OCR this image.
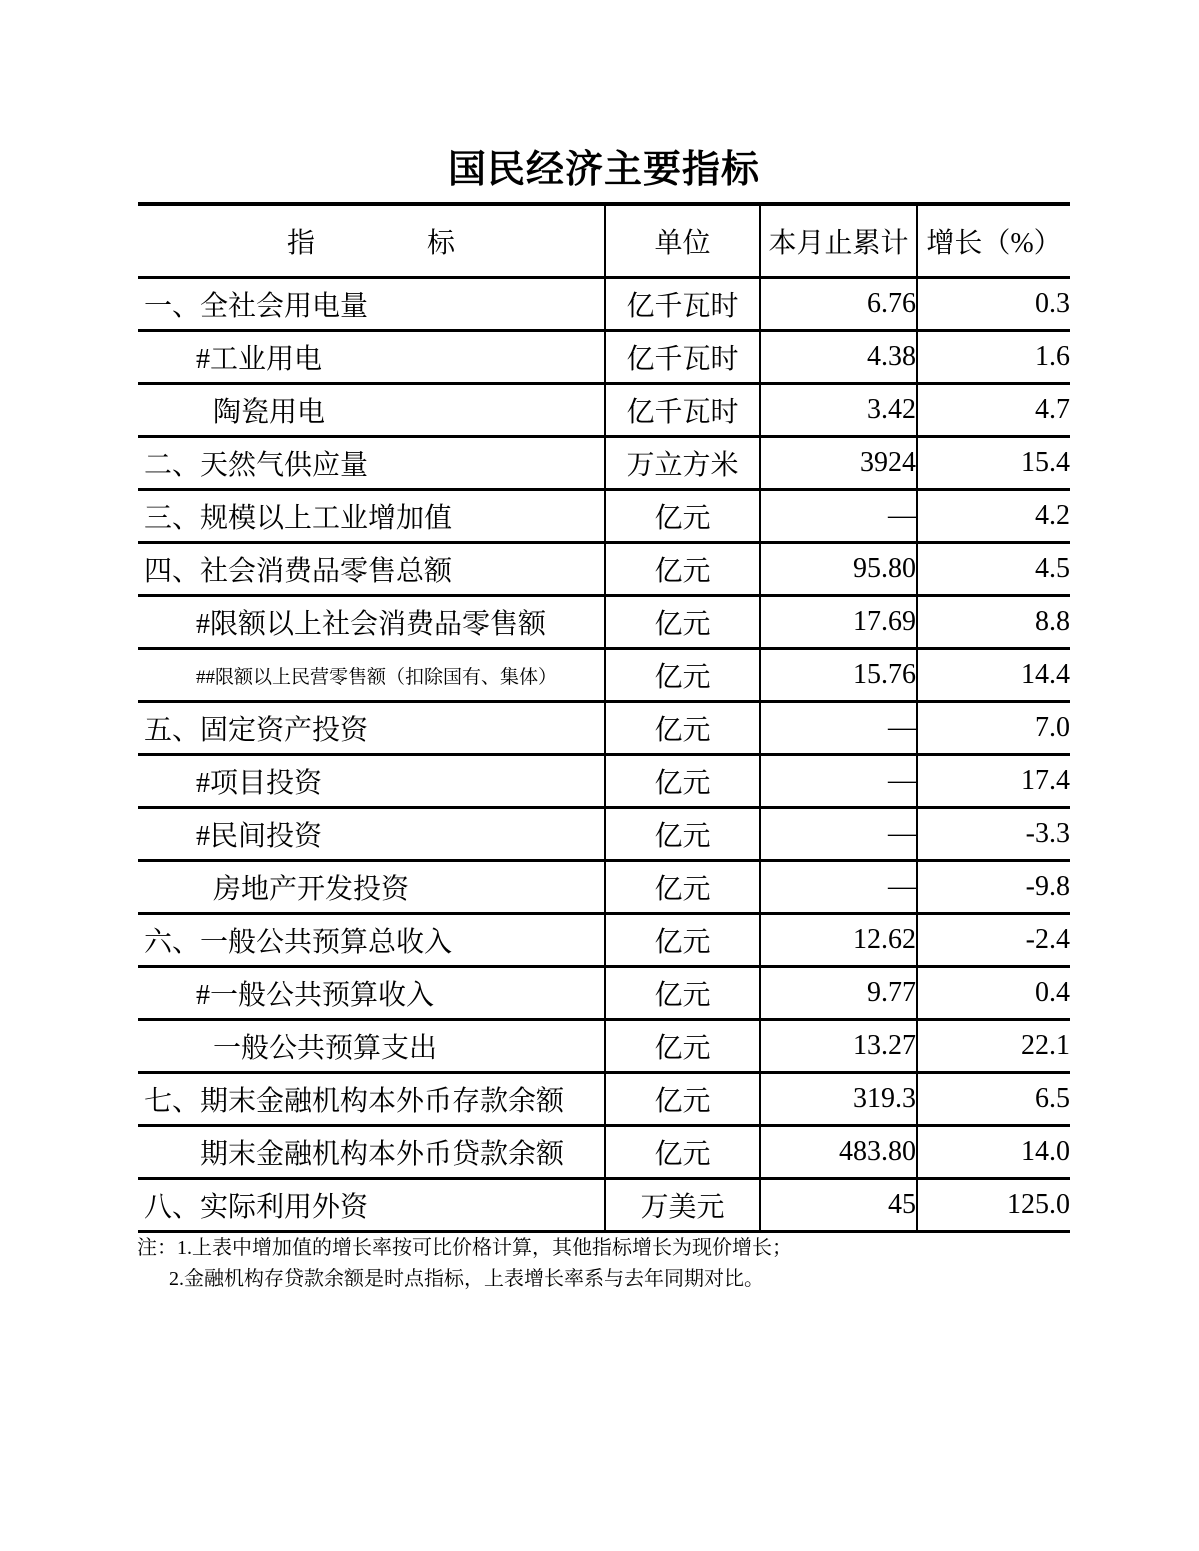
国民经济主要指标
指　　　　标	单位	本月止累计	增长（%）
一、全社会用电量	亿千瓦时	6.76	0.3
#工业用电	亿千瓦时	4.38	1.6
陶瓷用电	亿千瓦时	3.42	4.7
二、天然气供应量	万立方米	3924	15.4
三、规模以上工业增加值	亿元	—	4.2
四、社会消费品零售总额	亿元	95.80	4.5
#限额以上社会消费品零售额	亿元	17.69	8.8
##限额以上民营零售额（扣除国有、集体）	亿元	15.76	14.4
五、固定资产投资	亿元	—	7.0
#项目投资	亿元	—	17.4
#民间投资	亿元	—	-3.3
房地产开发投资	亿元	—	-9.8
六、一般公共预算总收入	亿元	12.62	-2.4
#一般公共预算收入	亿元	9.77	0.4
一般公共预算支出	亿元	13.27	22.1
七、期末金融机构本外币存款余额	亿元	319.3	6.5
期末金融机构本外币贷款余额	亿元	483.80	14.0
八、实际利用外资	万美元	45	125.0
注：1.上表中增加值的增长率按可比价格计算，其他指标增长为现价增长；
2.金融机构存贷款余额是时点指标，上表增长率系与去年同期对比。
